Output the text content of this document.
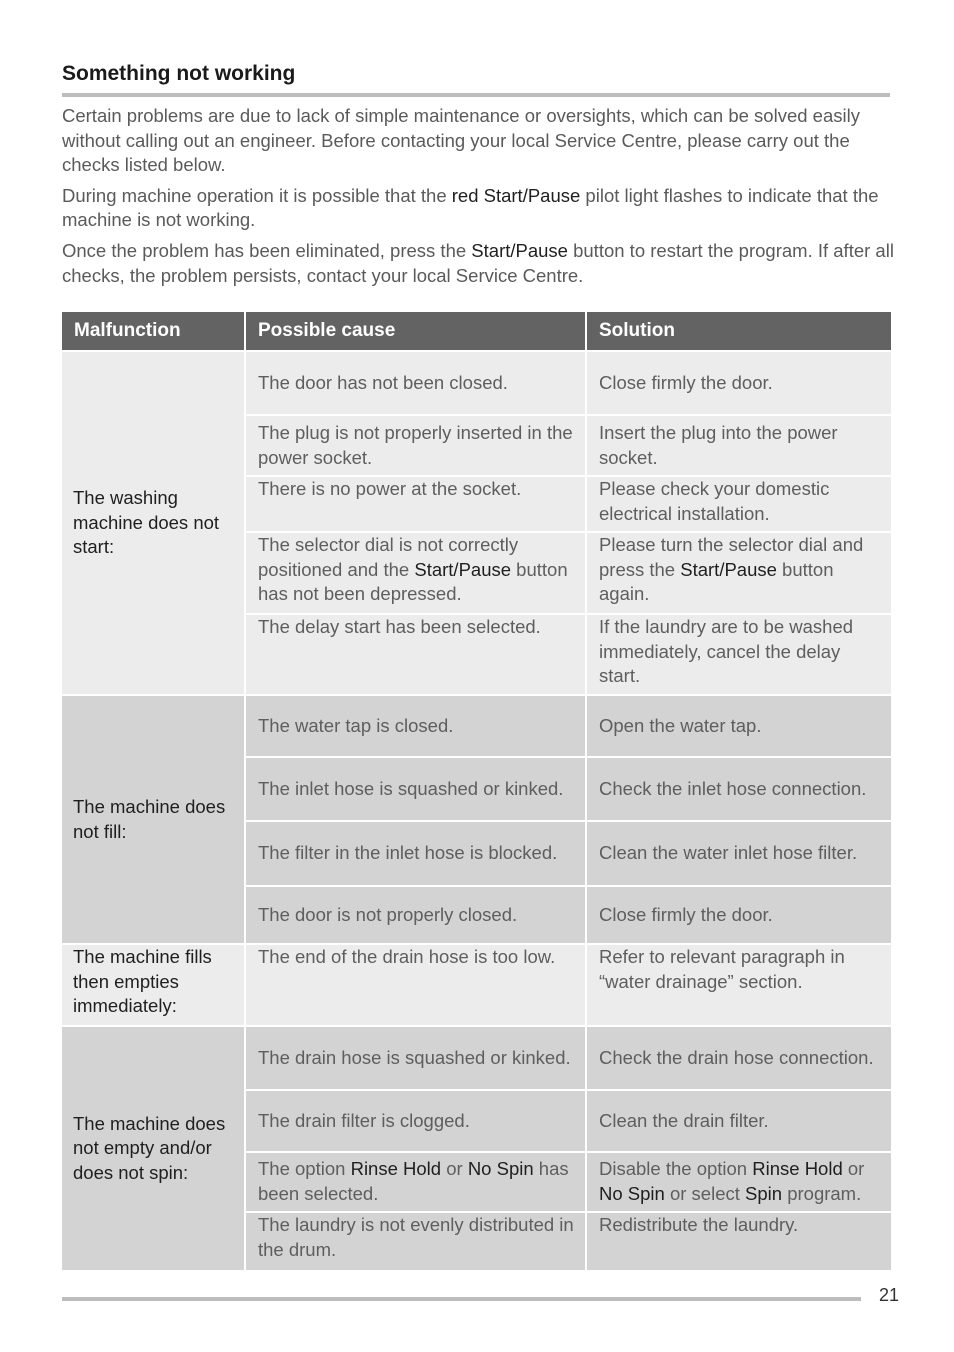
Something not working

Certain problems are due to lack of simple maintenance or oversights, which can be solved easily without calling out an engineer. Before contacting your local Service Centre, please carry out the checks listed below.

During machine operation it is possible that the red Start/Pause pilot light flashes to indicate that the machine is not working.

Once the problem has been eliminated, press the Start/Pause button to restart the program. If after all checks, the problem persists, contact your local Service Centre.

Malfunction	Possible cause	Solution
The washing machine does not start:	The door has not been closed.	Close firmly the door.
	The plug is not properly inserted in the power socket.	Insert the plug into the power socket.
	There is no power at the socket.	Please check your domestic electrical installation.
	The selector dial is not correctly positioned and the Start/Pause button has not been depressed.	Please turn the selector dial and press the Start/Pause button again.
	The delay start has been selected.	If the laundry are to be washed immediately, cancel the delay start.
The machine does not fill:	The water tap is closed.	Open the water tap.
	The inlet hose is squashed or kinked.	Check the inlet hose connection.
	The filter in the inlet hose is blocked.	Clean the water inlet hose filter.
	The door is not properly closed.	Close firmly the door.
The machine fills then empties immediately:	The end of the drain hose is too low.	Refer to relevant paragraph in “water drainage” section.
The machine does not empty and/or does not spin:	The drain hose is squashed or kinked.	Check the drain hose connection.
	The drain filter is clogged.	Clean the drain filter.
	The option Rinse Hold or No Spin has been selected.	Disable the option Rinse Hold or No Spin or select Spin program.
	The laundry is not evenly distributed in the drum.	Redistribute the laundry.
21
